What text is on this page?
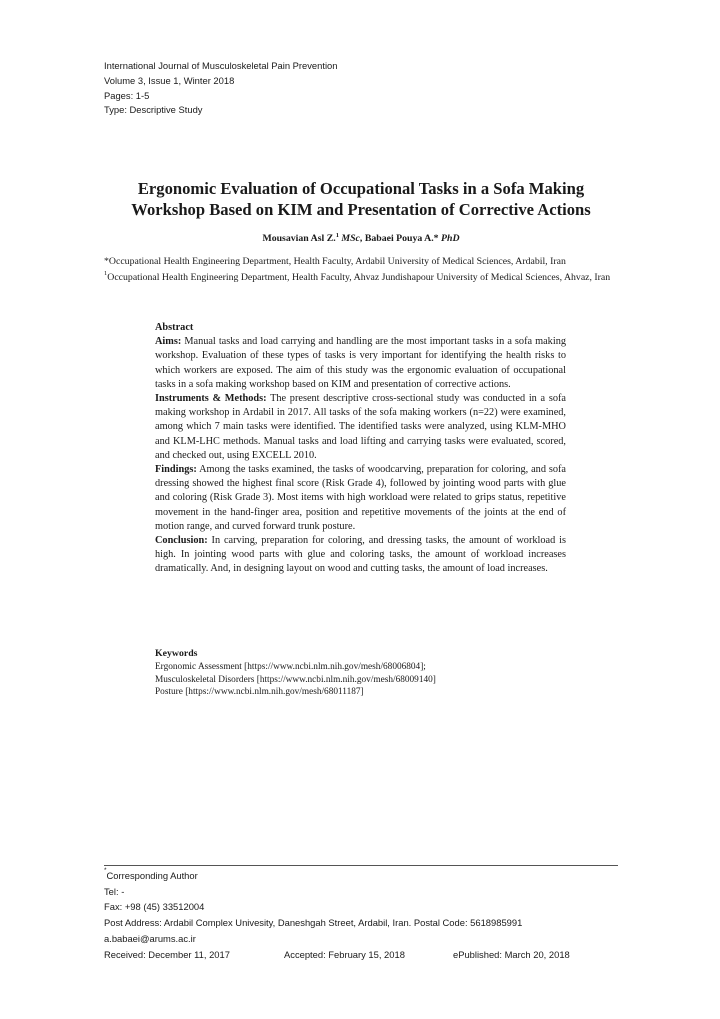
International Journal of Musculoskeletal Pain Prevention
Volume 3, Issue 1, Winter 2018
Pages: 1-5
Type: Descriptive Study
Ergonomic Evaluation of Occupational Tasks in a Sofa Making
Workshop Based on KIM and Presentation of Corrective Actions
Mousavian Asl Z.$^1$ MSc, Babaei Pouya A.* PhD

*Occupational Health Engineering Department, Health Faculty, Ardabil University of Medical Sciences, Ardabil, Iran

$^1$Occupational Health Engineering Department, Health Faculty, Ahvaz Jundishapour University of Medical Sciences, Ahvaz, Iran

Abstract

Aims: Manual tasks and load carrying and handling are the most important tasks in a sofa making workshop. Evaluation of these types of tasks is very important for identifying the health risks to which workers are exposed. The aim of this study was the ergonomic evaluation of occupational tasks in a sofa making workshop based on KIM and presentation of corrective actions.

Instruments & Methods: The present descriptive cross-sectional study was conducted in a sofa making workshop in Ardabil in 2017. All tasks of the sofa making workers (n=22) were examined, among which 7 main tasks were identified. The identified tasks were analyzed, using KLM-MHO and KLM-LHC methods. Manual tasks and load lifting and carrying tasks were evaluated, scored, and checked out, using EXCELL 2010.

Findings: Among the tasks examined, the tasks of woodcarving, preparation for coloring, and sofa dressing showed the highest final score (Risk Grade 4), followed by jointing wood parts with glue and coloring (Risk Grade 3). Most items with high workload were related to grips status, repetitive movement in the hand-finger area, position and repetitive movements of the joints at the end of motion range, and curved forward trunk posture.

Conclusion: In carving, preparation for coloring, and dressing tasks, the amount of workload is high. In jointing wood parts with glue and coloring tasks, the amount of workload increases dramatically. And, in designing layout on wood and cutting tasks, the amount of load increases.

Keywords
Ergonomic Assessment [https://www.ncbi.nlm.nih.gov/mesh/68006804];
Musculoskeletal Disorders [https://www.ncbi.nlm.nih.gov/mesh/68009140]
Posture [https://www.ncbi.nlm.nih.gov/mesh/68011187]
*Corresponding Author
Tel: -
Fax: +98 (45) 33512004
Post Address: Ardabil Complex Univesity, Daneshgah Street, Ardabil, Iran. Postal Code: 5618985991
a.babaei@arums.ac.ir
Received: December 11, 2017	Accepted: February 15, 2018	ePublished: March 20, 2018
